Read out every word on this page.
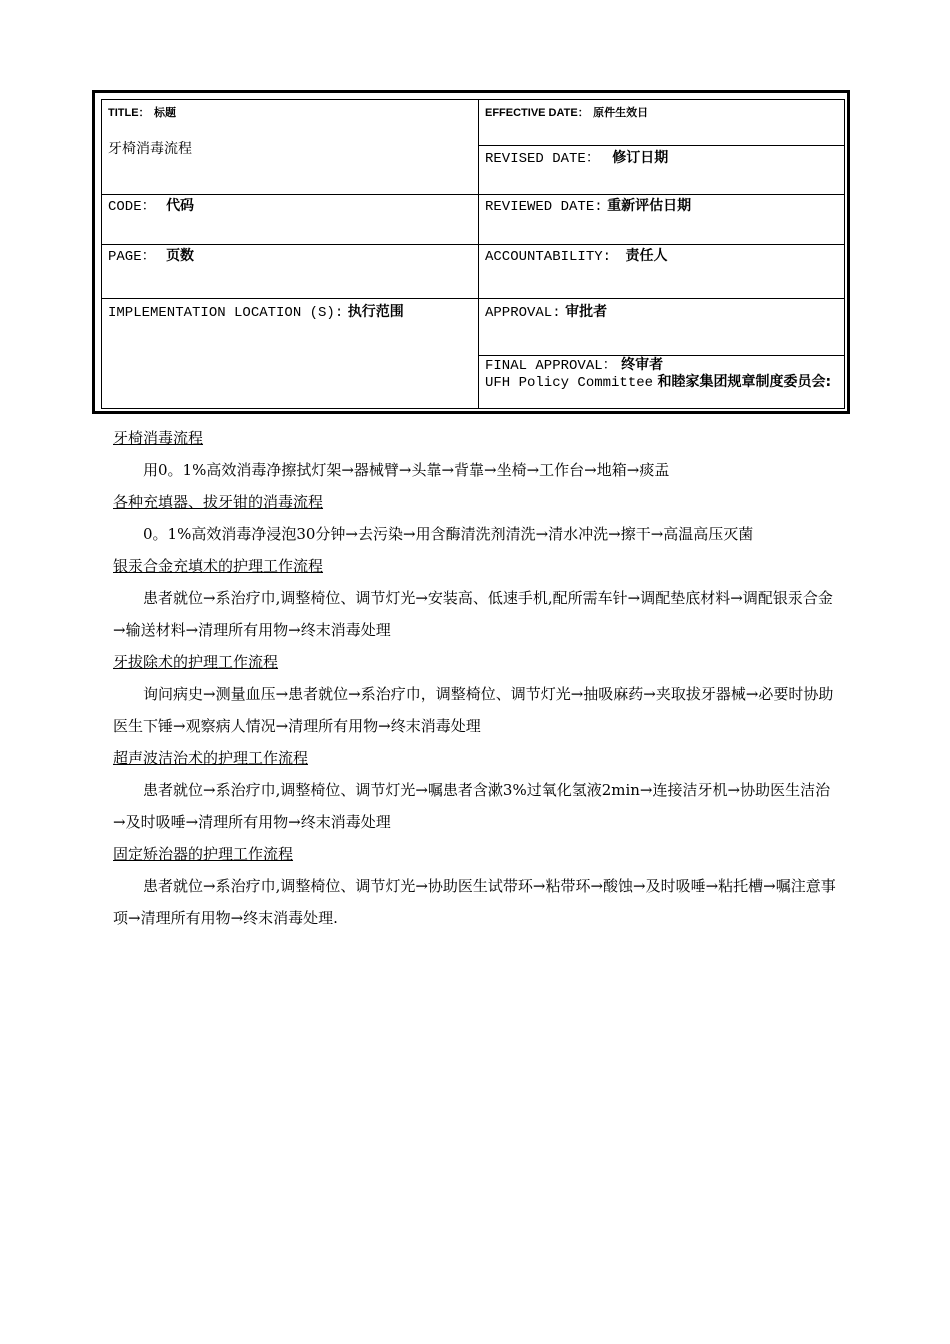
TITLE： 标题
牙椅消毒流程
EFFECTIVE DATE： 原件生效日
REVISED DATE： 修订日期
CODE： 代码	REVIEWED DATE: 重新评估日期
PAGE： 页数	ACCOUNTABILITY: 责任人
IMPLEMENTATION LOCATION (S): 执行范围	APPROVAL: 审批者
FINAL APPROVAL： 终审者
UFH Policy Committee 和睦家集团规章制度委员会:
牙椅消毒流程
用0。1%高效消毒净擦拭灯架→器械臂→头靠→背靠→坐椅→工作台→地箱→痰盂
各种充填器、拔牙钳的消毒流程
0。1%高效消毒净浸泡30分钟→去污染→用含酶清洗剂清洗→清水冲洗→擦干→高温高压灭菌
银汞合金充填术的护理工作流程
患者就位→系治疗巾,调整椅位、调节灯光→安装高、低速手机,配所需车针→调配垫底材料→调配银汞合金→输送材料→清理所有用物→终末消毒处理
牙拔除术的护理工作流程
询问病史→测量血压→患者就位→系治疗巾，调整椅位、调节灯光→抽吸麻药→夹取拔牙器械→必要时协助医生下锤→观察病人情况→清理所有用物→终末消毒处理
超声波洁治术的护理工作流程
患者就位→系治疗巾,调整椅位、调节灯光→嘱患者含漱3%过氧化氢液2min→连接洁牙机→协助医生洁治→及时吸唾→清理所有用物→终末消毒处理
固定矫治器的护理工作流程
患者就位→系治疗巾,调整椅位、调节灯光→协助医生试带环→粘带环→酸蚀→及时吸唾→粘托槽→嘱注意事项→清理所有用物→终末消毒处理.
